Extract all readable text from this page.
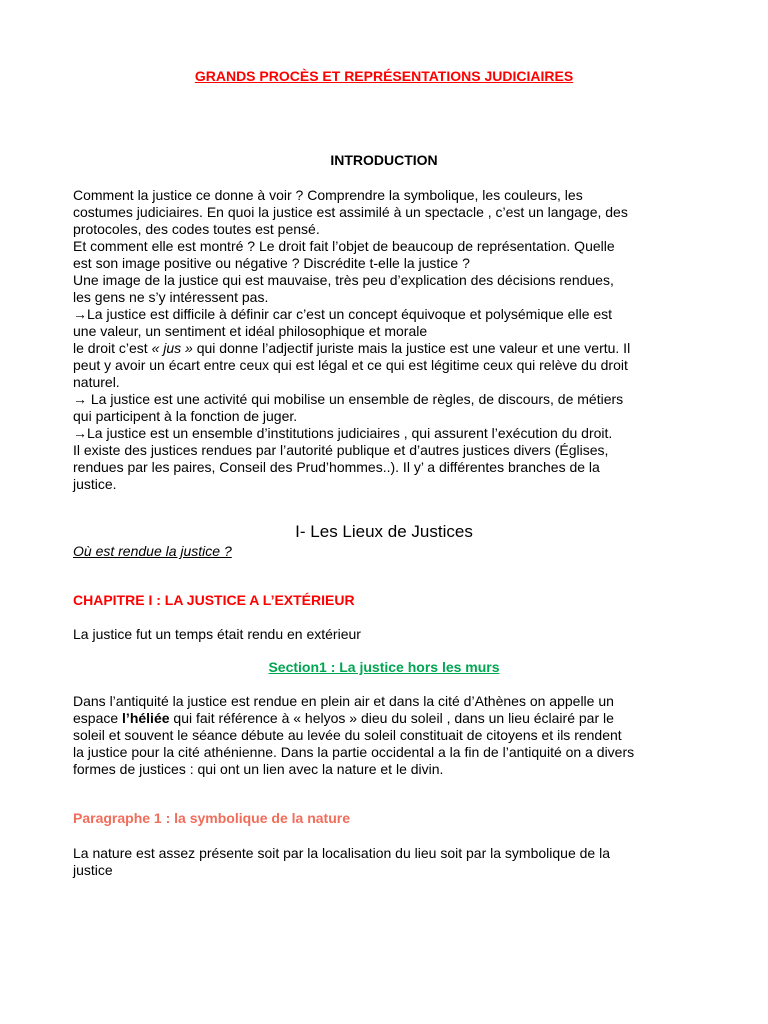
GRANDS PROCÈS ET REPRÉSENTATIONS JUDICIAIRES
INTRODUCTION

Comment la justice ce donne à voir ? Comprendre la symbolique, les couleurs, les

costumes judiciaires. En quoi la justice est assimilé à un spectacle , c’est un langage, des

protocoles, des codes toutes est pensé.

Et comment elle est montré ? Le droit fait l’objet de beaucoup de représentation. Quelle

est son image positive ou négative ? Discrédite t-elle la justice ?

Une image de la justice qui est mauvaise, très peu d’explication des décisions rendues,

les gens ne s’y intéressent pas.

→La justice est difficile à définir car c’est un concept équivoque et polysémique elle est

une valeur, un sentiment et idéal philosophique et morale

le droit c’est « jus » qui donne l’adjectif juriste mais la justice est une valeur et une vertu. Il

peut y avoir un écart entre ceux qui est légal et ce qui est légitime ceux qui relève du droit

naturel.

→ La justice est une activité qui mobilise un ensemble de règles, de discours, de métiers

qui participent à la fonction de juger.

→La justice est un ensemble d’institutions judiciaires , qui assurent l’exécution du droit.

Il existe des justices rendues par l’autorité publique et d’autres justices divers (Églises,

rendues par les paires, Conseil des Prud’hommes..). Il y’ a différentes branches de la

justice.

I- Les Lieux de Justices
Où est rendue la justice ?
CHAPITRE I : LA JUSTICE A L’EXTÉRIEUR
La justice fut un temps était rendu en extérieur
Section1 : La justice hors les murs

Dans l’antiquité la justice est rendue en plein air et dans la cité d’Athènes on appelle un

espace l’héliée qui fait référence à « helyos » dieu du soleil , dans un lieu éclairé par le

soleil et souvent le séance débute au levée du soleil constituait de citoyens et ils rendent

la justice pour la cité athénienne. Dans la partie occidental a la fin de l’antiquité on a divers

formes de justices : qui ont un lien avec la nature et le divin.

Paragraphe 1 : la symbolique de la nature

La nature est assez présente soit par la localisation du lieu soit par la symbolique de la

justice
